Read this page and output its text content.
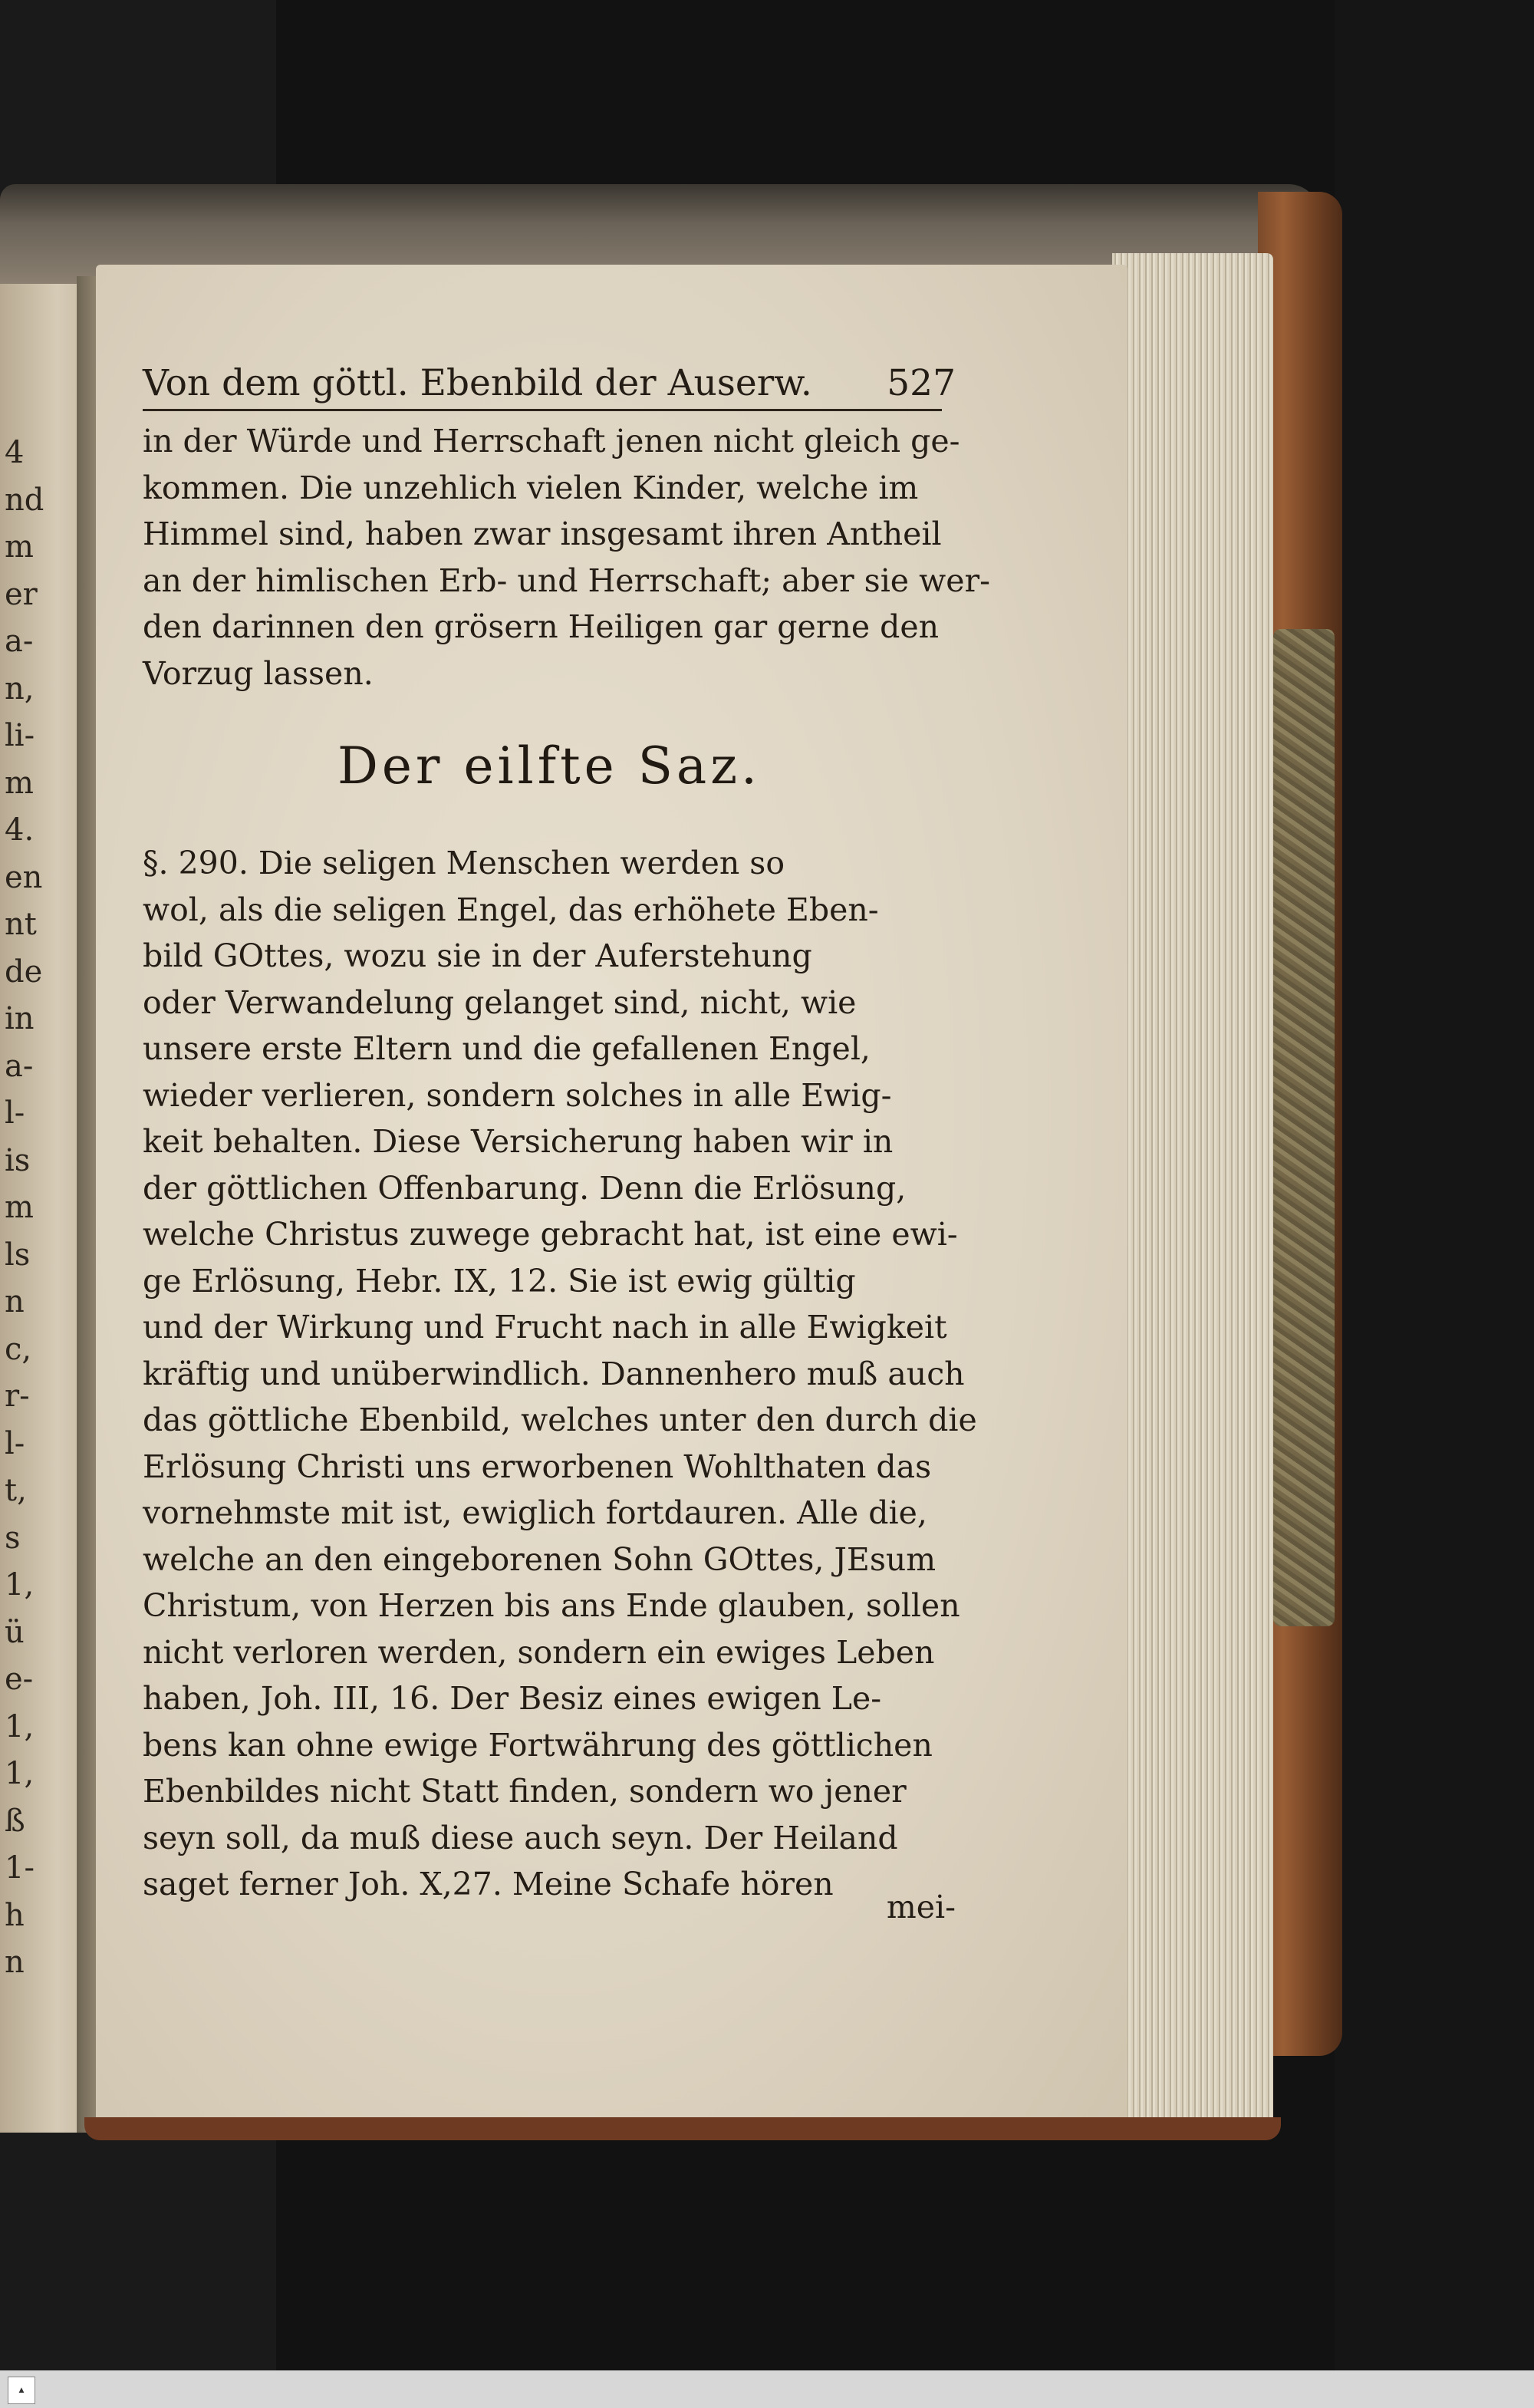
4
nd
m
er
a-
n,
li-
m
4.
en
nt
de
in
a-
l-
is
m
ls
n
c,
r-
l-
t,
s
1,
ü
e-
1,
1,
ß
1-
h
n
Von dem göttl. Ebenbild der Auserw. 527
in der Würde und Herrschaft jenen nicht gleich ge-
kommen. Die unzehlich vielen Kinder, welche im
Himmel sind, haben zwar insgesamt ihren Antheil
an der himlischen Erb- und Herrschaft; aber sie wer-
den darinnen den grösern Heiligen gar gerne den
Vorzug lassen.
Der eilfte Saz.
§. 290. Die seligen Menschen werden so
wol, als die seligen Engel, das erhöhete Eben-
bild GOttes, wozu sie in der Auferstehung
oder Verwandelung gelanget sind, nicht, wie
unsere erste Eltern und die gefallenen Engel,
wieder verlieren, sondern solches in alle Ewig-
keit behalten. Diese Versicherung haben wir in
der göttlichen Offenbarung. Denn die Erlösung,
welche Christus zuwege gebracht hat, ist eine ewi-
ge Erlösung, Hebr. IX, 12. Sie ist ewig gültig
und der Wirkung und Frucht nach in alle Ewigkeit
kräftig und unüberwindlich. Dannenhero muß auch
das göttliche Ebenbild, welches unter den durch die
Erlösung Christi uns erworbenen Wohlthaten das
vornehmste mit ist, ewiglich fortdauren. Alle die,
welche an den eingeborenen Sohn GOttes, JEsum
Christum, von Herzen bis ans Ende glauben, sollen
nicht verloren werden, sondern ein ewiges Leben
haben, Joh. III, 16. Der Besiz eines ewigen Le-
bens kan ohne ewige Fortwährung des göttlichen
Ebenbildes nicht Statt finden, sondern wo jener
seyn soll, da muß diese auch seyn. Der Heiland
saget ferner Joh. X,27. Meine Schafe hören
mei-
▲
